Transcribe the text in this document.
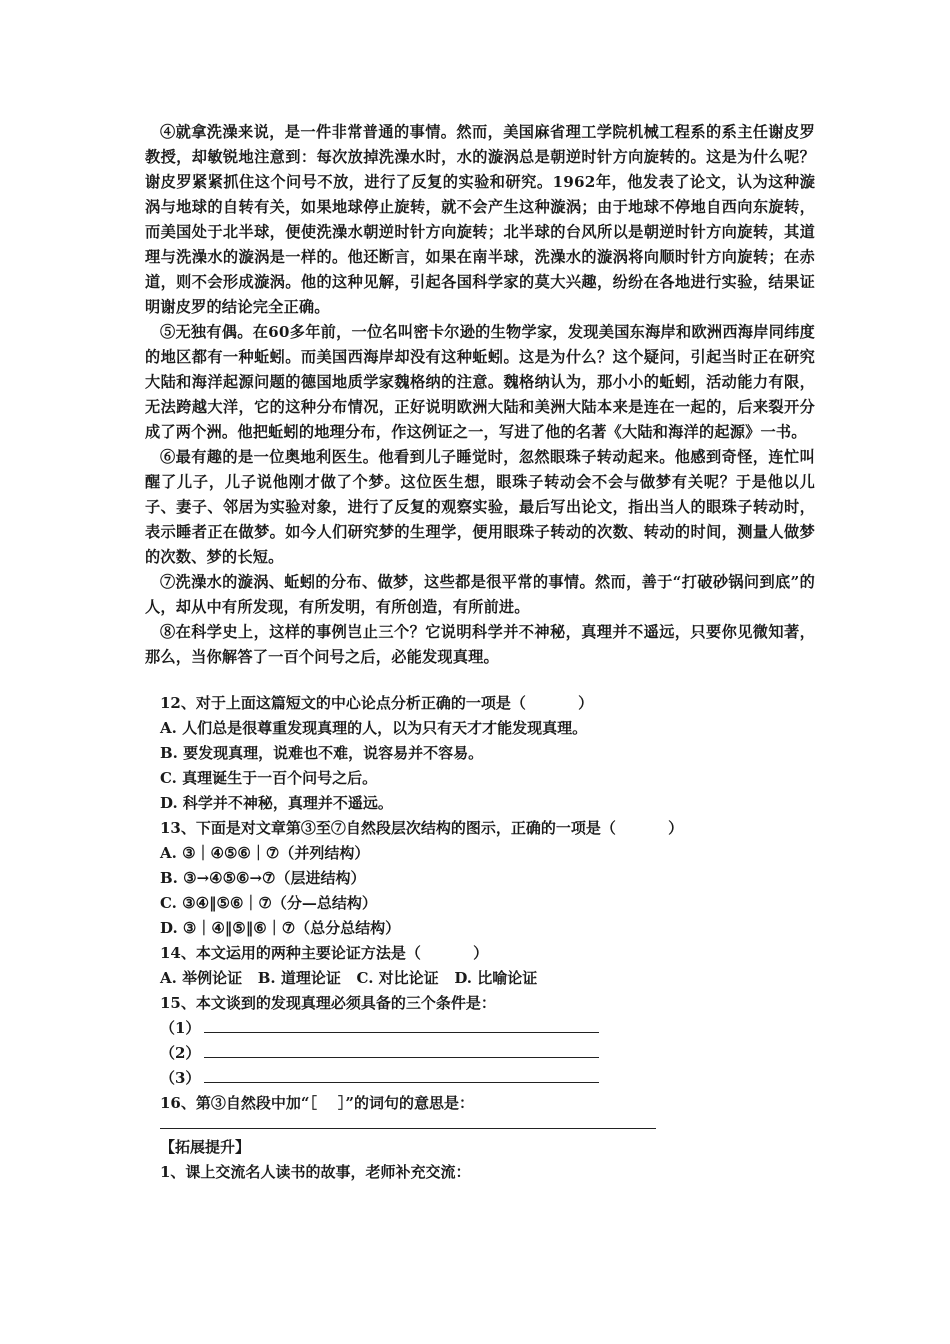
④就拿洗澡来说，是一件非常普通的事情。然而，美国麻省理工学院机械工程系的系主任谢皮罗教授，却敏锐地注意到：每次放掉洗澡水时，水的漩涡总是朝逆时针方向旋转的。这是为什么呢？谢皮罗紧紧抓住这个问号不放，进行了反复的实验和研究。1962年，他发表了论文，认为这种漩涡与地球的自转有关，如果地球停止旋转，就不会产生这种漩涡；由于地球不停地自西向东旋转，而美国处于北半球，便使洗澡水朝逆时针方向旋转；北半球的台风所以是朝逆时针方向旋转，其道理与洗澡水的漩涡是一样的。他还断言，如果在南半球，洗澡水的漩涡将向顺时针方向旋转；在赤道，则不会形成漩涡。他的这种见解，引起各国科学家的莫大兴趣，纷纷在各地进行实验，结果证明谢皮罗的结论完全正确。

⑤无独有偶。在60多年前，一位名叫密卡尔逊的生物学家，发现美国东海岸和欧洲西海岸同纬度的地区都有一种蚯蚓。而美国西海岸却没有这种蚯蚓。这是为什么？这个疑问，引起当时正在研究大陆和海洋起源问题的德国地质学家魏格纳的注意。魏格纳认为，那小小的蚯蚓，活动能力有限，无法跨越大洋，它的这种分布情况，正好说明欧洲大陆和美洲大陆本来是连在一起的，后来裂开分成了两个洲。他把蚯蚓的地理分布，作这例证之一，写进了他的名著《大陆和海洋的起源》一书。

⑥最有趣的是一位奥地利医生。他看到儿子睡觉时，忽然眼珠子转动起来。他感到奇怪，连忙叫醒了儿子，儿子说他刚才做了个梦。这位医生想，眼珠子转动会不会与做梦有关呢？于是他以儿子、妻子、邻居为实验对象，进行了反复的观察实验，最后写出论文，指出当人的眼珠子转动时，表示睡者正在做梦。如今人们研究梦的生理学，便用眼珠子转动的次数、转动的时间，测量人做梦的次数、梦的长短。

⑦洗澡水的漩涡、蚯蚓的分布、做梦，这些都是很平常的事情。然而，善于“打破砂锅问到底”的人，却从中有所发现，有所发明，有所创造，有所前进。

⑧在科学史上，这样的事例岂止三个？它说明科学并不神秘，真理并不遥远，只要你见微知著，那么，当你解答了一百个问号之后，必能发现真理。

12、对于上面这篇短文的中心论点分析正确的一项是（          ）

A. 人们总是很尊重发现真理的人，以为只有天才才能发现真理。

B. 要发现真理，说难也不难，说容易并不容易。

C. 真理诞生于一百个问号之后。

D. 科学并不神秘，真理并不遥远。

13、下面是对文章第③至⑦自然段层次结构的图示，正确的一项是（          ）

A. ③｜④⑤⑥｜⑦（并列结构）

B. ③→④⑤⑥→⑦（层进结构）

C. ③④‖⑤⑥｜⑦（分—总结构）

D. ③｜④‖⑤‖⑥｜⑦（总分总结构）

14、本文运用的两种主要论证方法是（          ）

A. 举例论证   B. 道理论证   C. 对比论证   D. 比喻论证

15、本文谈到的发现真理必须具备的三个条件是：

（1）

（2）

（3）

16、第③自然段中加“［    ］”的词句的意思是：

【拓展提升】

1、课上交流名人读书的故事，老师补充交流：
